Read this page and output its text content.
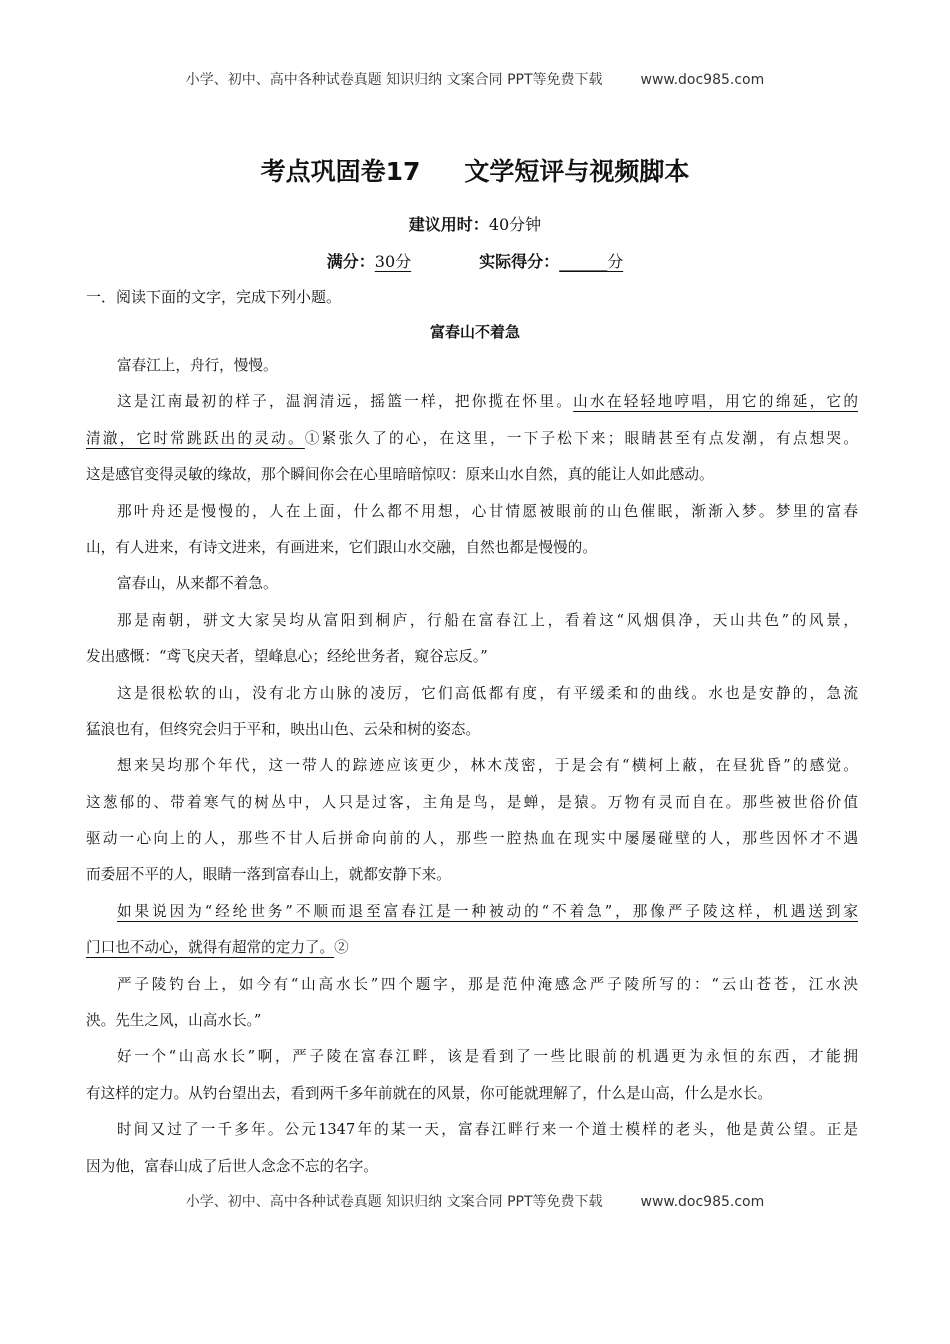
小学、初中、高中各种试卷真题 知识归纳 文案合同 PPT等免费下载	www.doc985.com
考点巩固卷17 文学短评与视频脚本
建议用时：40分钟
满分：30分	实际得分：______分
一．阅读下面的文字，完成下列小题。
富春山不着急
富春江上，舟行，慢慢。
这是江南最初的样子，温润清远，摇篮一样，把你揽在怀里。山水在轻轻地哼唱，用它的绵延，它的
清澈，它时常跳跃出的灵动。①紧张久了的心，在这里，一下子松下来；眼睛甚至有点发潮，有点想哭。
这是感官变得灵敏的缘故，那个瞬间你会在心里暗暗惊叹：原来山水自然，真的能让人如此感动。
那叶舟还是慢慢的，人在上面，什么都不用想，心甘情愿被眼前的山色催眠，渐渐入梦。梦里的富春
山，有人进来，有诗文进来，有画进来，它们跟山水交融，自然也都是慢慢的。
富春山，从来都不着急。
那是南朝，骈文大家吴均从富阳到桐庐，行船在富春江上，看着这“风烟俱净，天山共色”的风景，
发出感慨：“鸢飞戾天者，望峰息心；经纶世务者，窥谷忘反。”
这是很松软的山，没有北方山脉的凌厉，它们高低都有度，有平缓柔和的曲线。水也是安静的，急流
猛浪也有，但终究会归于平和，映出山色、云朵和树的姿态。
想来吴均那个年代，这一带人的踪迹应该更少，林木茂密，于是会有“横柯上蔽，在昼犹昏”的感觉。
这葱郁的、带着寒气的树丛中，人只是过客，主角是鸟，是蝉，是猿。万物有灵而自在。那些被世俗价值
驱动一心向上的人，那些不甘人后拼命向前的人，那些一腔热血在现实中屡屡碰壁的人，那些因怀才不遇
而委屈不平的人，眼睛一落到富春山上，就都安静下来。
如果说因为“经纶世务”不顺而退至富春江是一种被动的“不着急”，那像严子陵这样，机遇送到家
门口也不动心，就得有超常的定力了。②
严子陵钓台上，如今有“山高水长”四个题字，那是范仲淹感念严子陵所写的：“云山苍苍，江水泱
泱。先生之风，山高水长。”
好一个“山高水长”啊，严子陵在富春江畔，该是看到了一些比眼前的机遇更为永恒的东西，才能拥
有这样的定力。从钓台望出去，看到两千多年前就在的风景，你可能就理解了，什么是山高，什么是水长。
时间又过了一千多年。公元1347年的某一天，富春江畔行来一个道士模样的老头，他是黄公望。正是
因为他，富春山成了后世人念念不忘的名字。
小学、初中、高中各种试卷真题 知识归纳 文案合同 PPT等免费下载	www.doc985.com
